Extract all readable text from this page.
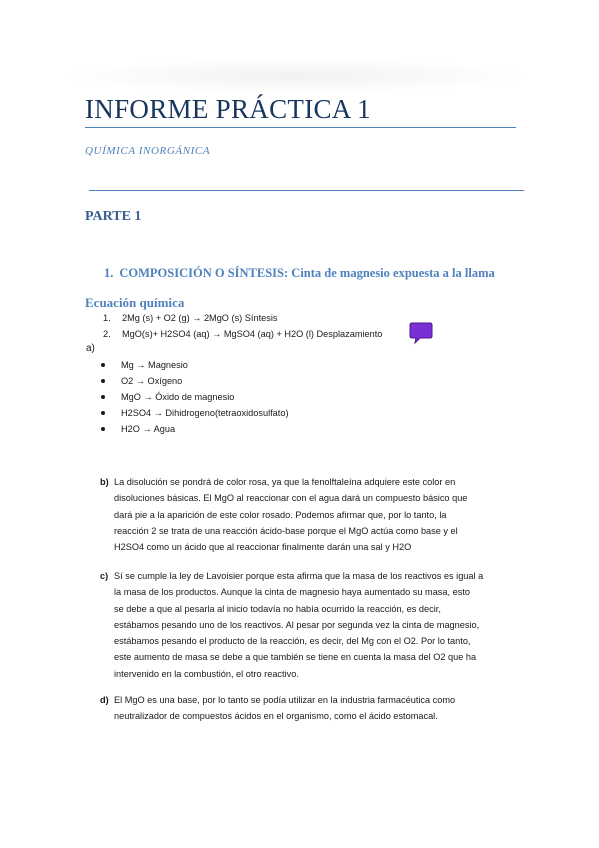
INFORME PRÁCTICA 1
QUÍMICA INORGÁNICA
PARTE 1
1. COMPOSICIÓN O SÍNTESIS: Cinta de magnesio expuesta a la llama
Ecuación química
1. 2Mg (s) + O2 (g) → 2MgO (s) Síntesis
2. MgO(s)+ H2SO4 (aq) → MgSO4 (aq) + H2O (l) Desplazamiento
a)
Mg → Magnesio
O2 → Oxígeno
MgO → Óxido de magnesio
H2SO4 → Dihidrogeno(tetraoxidosulfato)
H2O → Agua
b) La disolución se pondrá de color rosa, ya que la fenolftaleína adquiere este color en
disoluciones básicas. El MgO al reaccionar con el agua dará un compuesto básico que
dará pie a la aparición de este color rosado. Podemos afirmar que, por lo tanto, la
reacción 2 se trata de una reacción ácido-base porque el MgO actúa como base y el
H2SO4 como un ácido que al reaccionar finalmente darán una sal y H2O
c) Sí se cumple la ley de Lavoisier porque esta afirma que la masa de los reactivos es igual a
la masa de los productos. Aunque la cinta de magnesio haya aumentado su masa, esto
se debe a que al pesarla al inicio todavía no había ocurrido la reacción, es decir,
estábamos pesando uno de los reactivos. Al pesar por segunda vez la cinta de magnesio,
estábamos pesando el producto de la reacción, es decir, del Mg con el O2. Por lo tanto,
este aumento de masa se debe a que también se tiene en cuenta la masa del O2 que ha
intervenido en la combustión, el otro reactivo.
d) El MgO es una base, por lo tanto se podía utilizar en la industria farmacéutica como
neutralizador de compuestos ácidos en el organismo, como el ácido estomacal.
